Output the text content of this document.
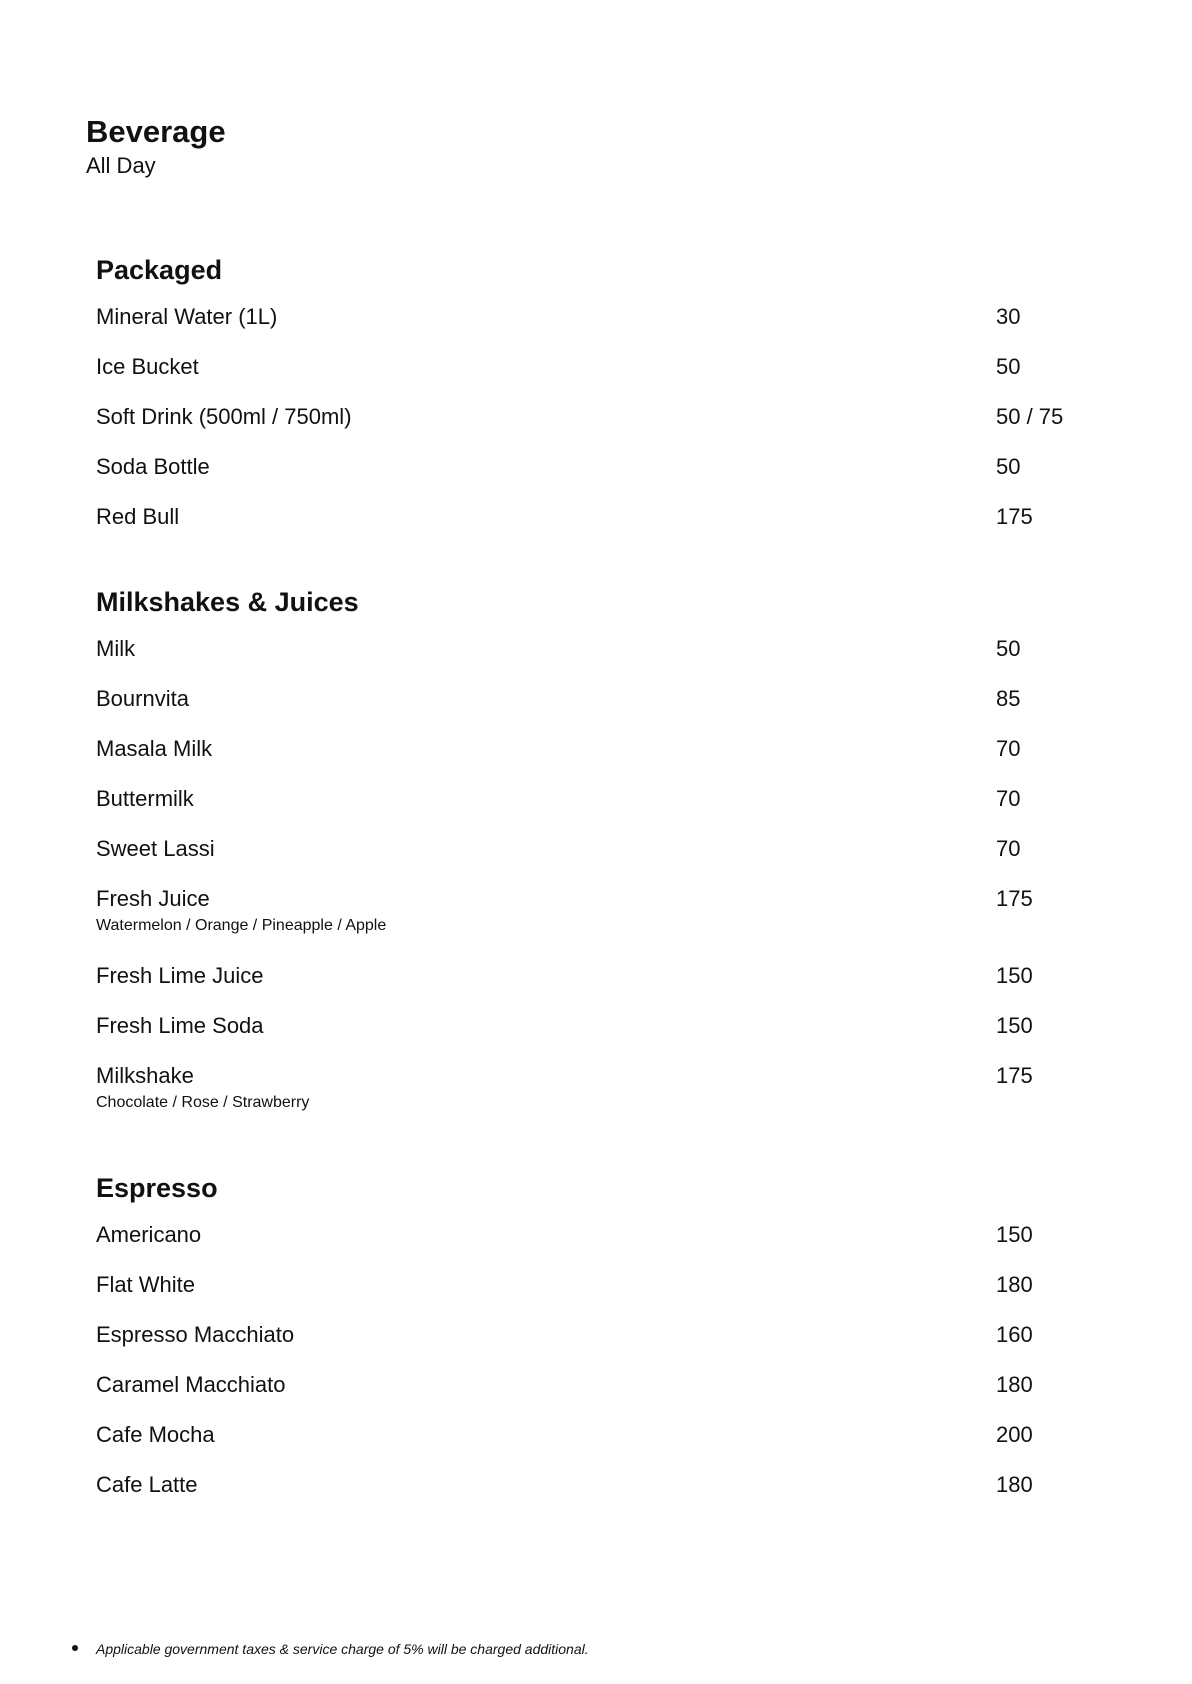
Beverage

All Day

Packaged
Mineral Water (1L)	30
Ice Bucket	50
Soft Drink (500ml / 750ml)	50 / 75
Soda Bottle	50
Red Bull	175
Milkshakes & Juices
Milk	50
Bournvita	85
Masala Milk	70
Buttermilk	70
Sweet Lassi	70
Fresh Juice	175
Watermelon / Orange / Pineapple / Apple
Fresh Lime Juice	150
Fresh Lime Soda	150
Milkshake	175
Chocolate / Rose / Strawberry
Espresso
Americano	150
Flat White	180
Espresso Macchiato	160
Caramel Macchiato	180
Cafe Mocha	200
Cafe Latte	180
Applicable government taxes & service charge of 5% will be charged additional.
